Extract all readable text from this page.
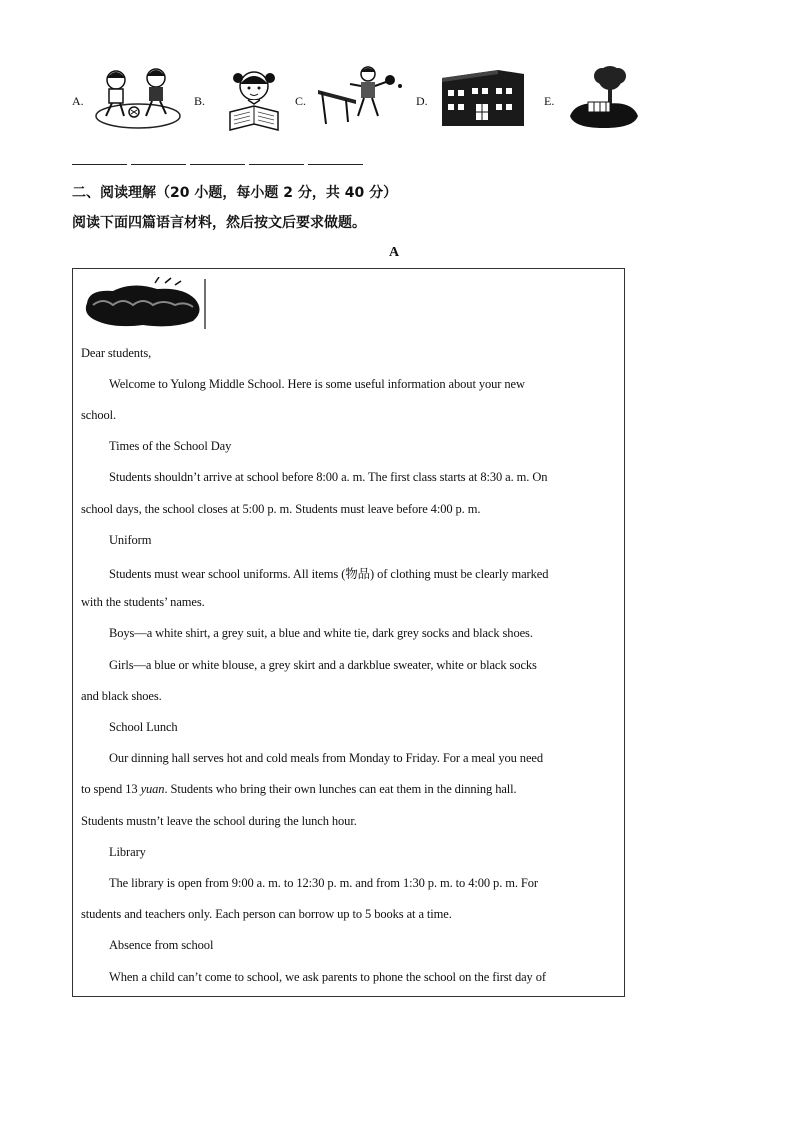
A.	B.	C.	D.	E.
二、阅读理解（20 小题，每小题 2 分，共 40 分）
阅读下面四篇语言材料，然后按文后要求做题。
A
Dear students,
Welcome to Yulong Middle School. Here is some useful information about your new
school.
Times of the School Day
Students shouldn’t arrive at school before 8:00 a. m. The first class starts at 8:30 a. m. On
school days, the school closes at 5:00 p. m. Students must leave before 4:00 p. m.
Uniform
Students must wear school uniforms. All items (物品) of clothing must be clearly marked
with the students’ names.
Boys—a white shirt, a grey suit, a blue and white tie, dark grey socks and black shoes.
Girls—a blue or white blouse, a grey skirt and a darkblue sweater, white or black socks
and black shoes.
School Lunch
Our dinning hall serves hot and cold meals from Monday to Friday. For a meal you need
to spend 13 yuan. Students who bring their own lunches can eat them in the dinning hall.
Students mustn’t leave the school during the lunch hour.
Library
The library is open from 9:00 a. m. to 12:30 p. m. and from 1:30 p. m. to 4:00 p. m. For
students and teachers only. Each person can borrow up to 5 books at a time.
Absence from school
When a child can’t come to school, we ask parents to phone the school on the first day of
